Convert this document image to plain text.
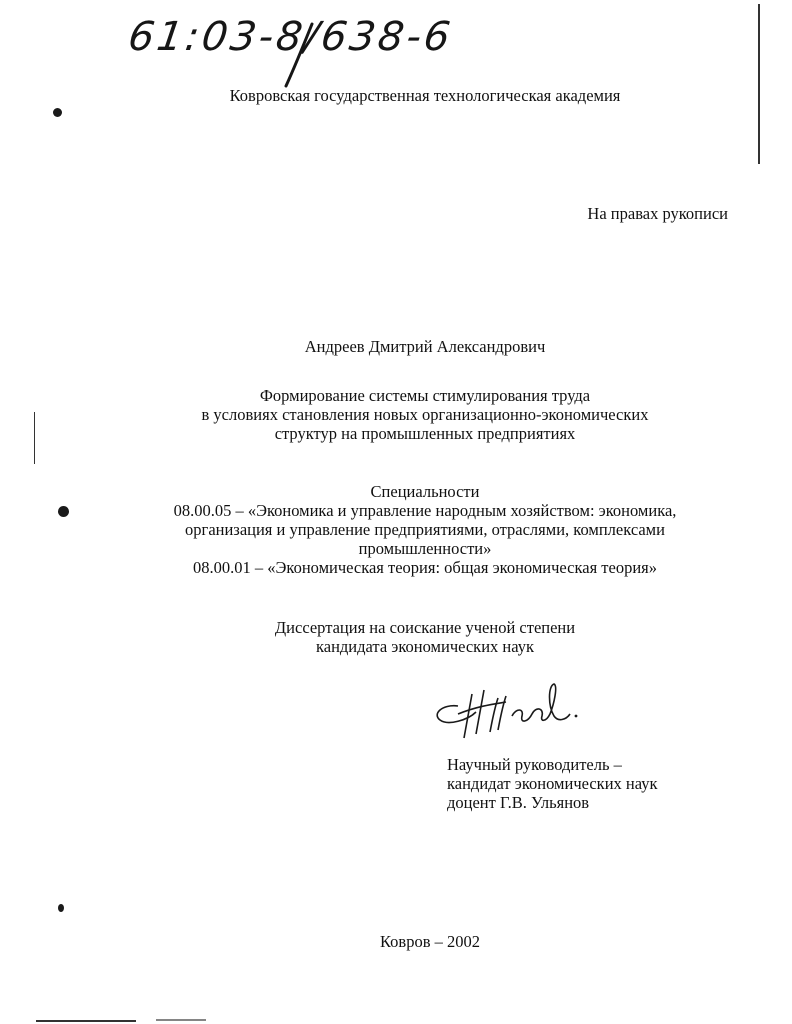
61:03-8/638-6
Ковровская государственная технологическая академия
На правах рукописи
Андреев Дмитрий Александрович
Формирование системы стимулирования труда
в условиях становления новых организационно-экономических
структур на промышленных предприятиях
Специальности
08.00.05 – «Экономика и управление народным хозяйством: экономика,
организация и управление предприятиями, отраслями, комплексами
промышленности»
08.00.01 – «Экономическая теория: общая экономическая теория»
Диссертация на соискание ученой степени
кандидата экономических наук
Научный руководитель –
кандидат экономических наук
доцент Г.В. Ульянов
Ковров – 2002
